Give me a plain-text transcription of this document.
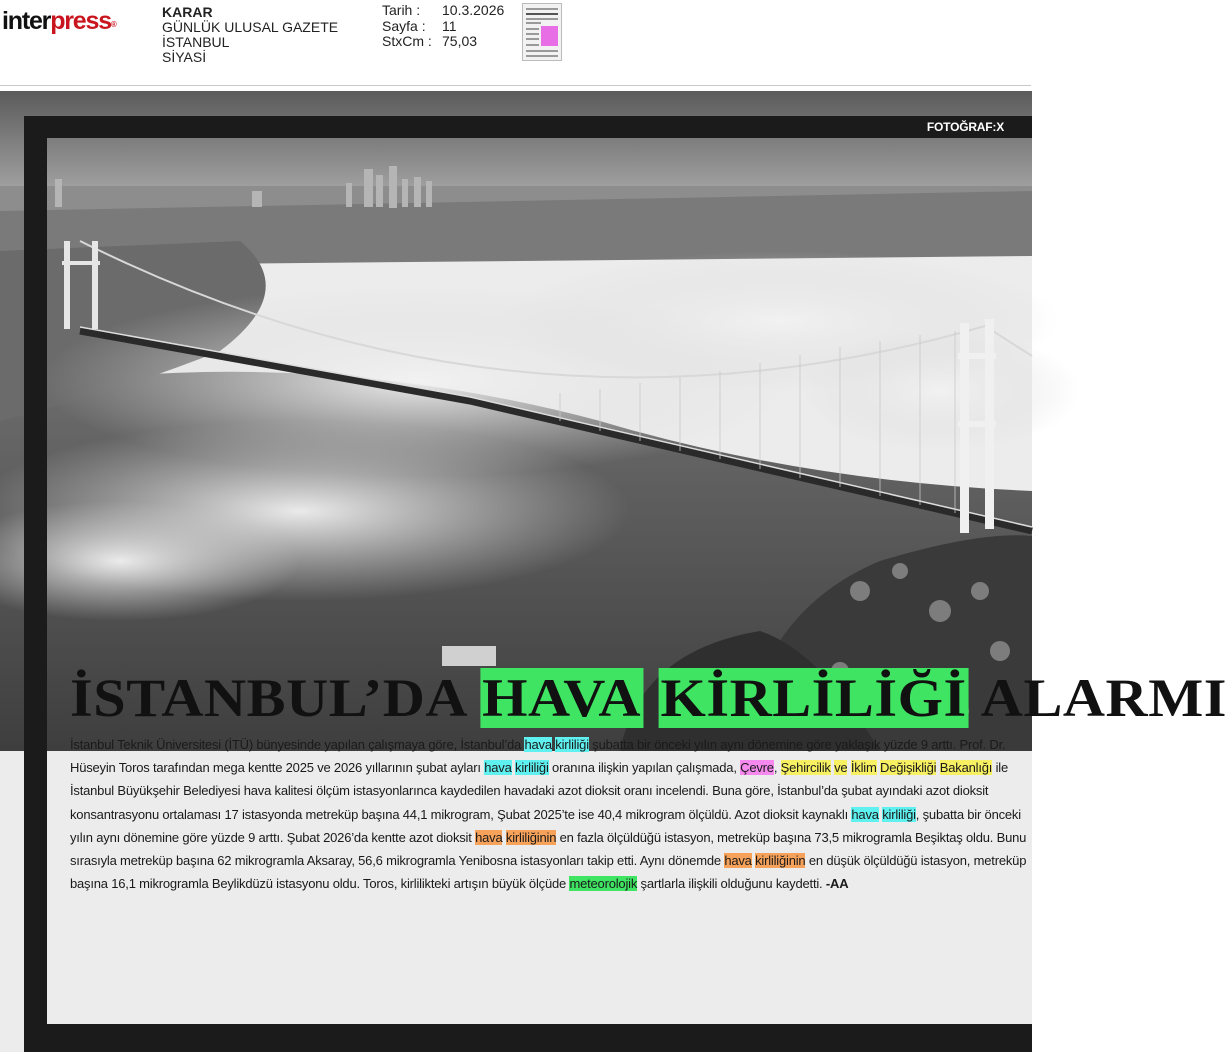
interpress®
KARAR
GÜNLÜK ULUSAL GAZETE
İSTANBUL
SİYASİ
Tarih :	10.3.2026
Sayfa :	11
StxCm : 75,03
FOTOĞRAF:X
İSTANBUL’DA HAVA KİRLİLİĞİ ALARMI

İstanbul Teknik Üniversitesi (İTÜ) bünyesinde yapılan çalışmaya göre, İstanbul’da hava kirliliği şubatta bir önceki yılın aynı dönemine göre yaklaşık yüzde 9 arttı. Prof. Dr. Hüseyin Toros tarafından mega kentte 2025 ve 2026 yıllarının şubat ayları hava kirliliği oranına ilişkin yapılan çalışmada, Çevre, Şehircilik ve İklim Değişikliği Bakanlığı ile İstanbul Büyükşehir Belediyesi hava kalitesi ölçüm istasyonlarınca kaydedilen havadaki azot dioksit oranı incelendi. Buna göre, İstanbul’da şubat ayındaki azot dioksit konsantrasyonu ortalaması 17 istasyonda metreküp başına 44,1 mikrogram, Şubat 2025’te ise 40,4 mikrogram ölçüldü. Azot dioksit kaynaklı hava kirliliği, şubatta bir önceki yılın aynı dönemine göre yüzde 9 arttı. Şubat 2026’da kentte azot dioksit hava kirliliğinin en fazla ölçüldüğü istasyon, metreküp başına 73,5 mikrogramla Beşiktaş oldu. Bunu sırasıyla metreküp başına 62 mikrogramla Aksaray, 56,6 mikrogramla Yenibosna istasyonları takip etti. Aynı dönemde hava kirliliğinin en düşük ölçüldüğü istasyon, metreküp başına 16,1 mikrogramla Beylikdüzü istasyonu oldu. Toros, kirlilikteki artışın büyük ölçüde meteorolojik şartlarla ilişkili olduğunu kaydetti. -AA
